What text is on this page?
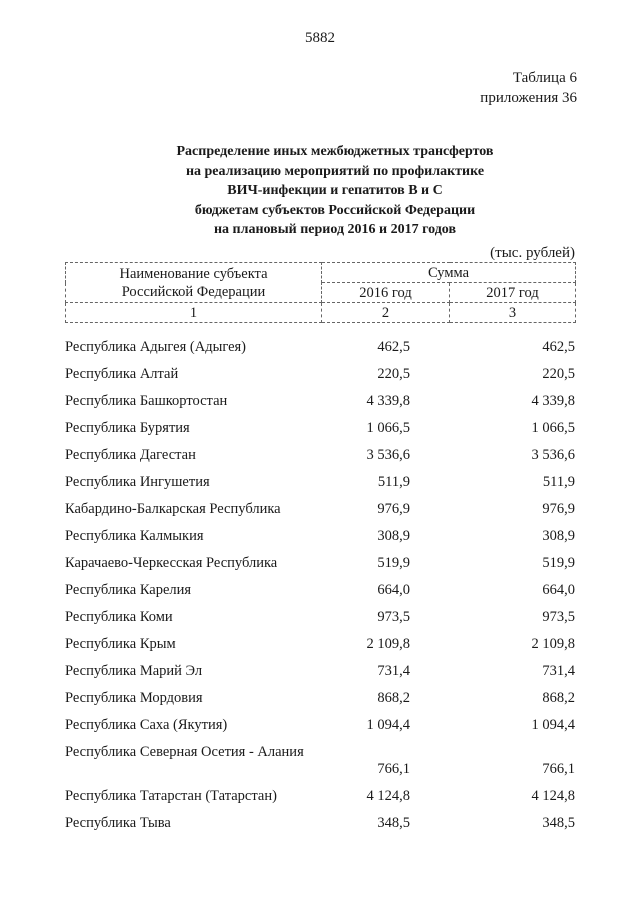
5882
Таблица 6
приложения 36
Распределение иных межбюджетных трансфертов
на реализацию мероприятий по профилактике
ВИЧ-инфекции и гепатитов В и С
бюджетам субъектов Российской Федерации
на плановый период 2016 и 2017 годов
(тыс. рублей)
Наименование субъекта
Российской Федерации	Сумма	
	2016 год	2017 год
1	2	3
Республика Адыгея (Адыгея)	462,5	462,5
Республика Алтай	220,5	220,5
Республика Башкортостан	4 339,8	4 339,8
Республика Бурятия	1 066,5	1 066,5
Республика Дагестан	3 536,6	3 536,6
Республика Ингушетия	511,9	511,9
Кабардино-Балкарская Республика	976,9	976,9
Республика Калмыкия	308,9	308,9
Карачаево-Черкесская Республика	519,9	519,9
Республика Карелия	664,0	664,0
Республика Коми	973,5	973,5
Республика Крым	2 109,8	2 109,8
Республика Марий Эл	731,4	731,4
Республика Мордовия	868,2	868,2
Республика Саха (Якутия)	1 094,4	1 094,4
Республика Северная Осетия - Алания
766,1	766,1
Республика Татарстан (Татарстан)	4 124,8	4 124,8
Республика Тыва	348,5	348,5
